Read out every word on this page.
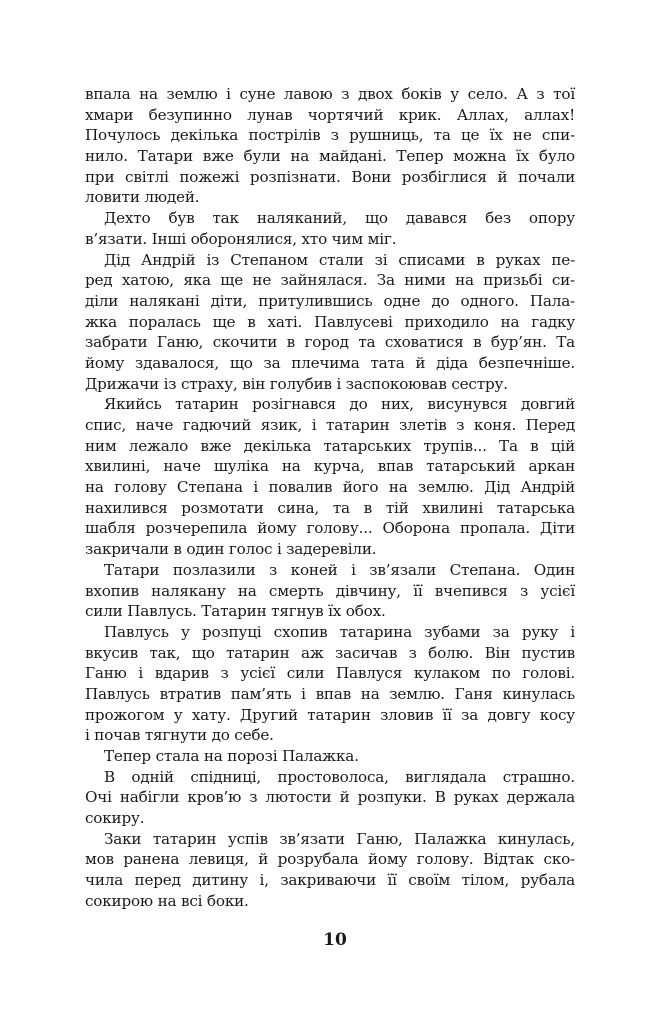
впала на землю і суне лавою з двох боків у село. А з тої
хмари безупинно лунав чортячий крик. Аллах, аллах!
Почулось декілька пострілів з рушниць, та це їх не спи-
нило. Татари вже були на майдані. Тепер можна їх було
при світлі пожежі розпізнати. Вони розбіглися й почали
ловити людей.
Дехто був так наляканий, що давався без опору
в’язати. Інші оборонялися, хто чим міг.
Дід Андрій із Степаном стали зі списами в руках пе-
ред хатою, яка ще не зайнялася. За ними на призьбі си-
діли налякані діти, притулившись одне до одного. Пала-
жка поралась ще в хаті. Павлусеві приходило на гадку
забрати Ганю, скочити в город та сховатися в бур’ян. Та
йому здавалося, що за плечима тата й діда безпечніше.
Дрижачи із страху, він голубив і заспокоював сестру.
Якийсь татарин розігнався до них, висунувся довгий
спис, наче гадючий язик, і татарин злетів з коня. Перед
ним лежало вже декілька татарських трупів... Та в цій
хвилині, наче шуліка на курча, впав татарський аркан
на голову Степана і повалив його на землю. Дід Андрій
нахилився розмотати сина, та в тій хвилині татарська
шабля розчерепила йому голову... Оборона пропала. Діти
закричали в один голос і задеревіли.
Татари позлазили з коней і зв’язали Степана. Один
вхопив налякану на смерть дівчину, її вчепився з усієї
сили Павлусь. Татарин тягнув їх обох.
Павлусь у розпуці схопив татарина зубами за руку і
вкусив так, що татарин аж засичав з болю. Він пустив
Ганю і вдарив з усієї сили Павлуся кулаком по голові.
Павлусь втратив пам’ять і впав на землю. Ганя кинулась
прожогом у хату. Другий татарин зловив її за довгу косу
і почав тягнути до себе.
Тепер стала на порозі Палажка.
В одній спідниці, простоволоса, виглядала страшно.
Очі набігли кров’ю з лютости й розпуки. В руках держала
сокиру.
Заки татарин успів зв’язати Ганю, Палажка кинулась,
мов ранена левиця, й розрубала йому голову. Відтак ско-
чила перед дитину і, закриваючи її своїм тілом, рубала
сокирою на всі боки.
10
